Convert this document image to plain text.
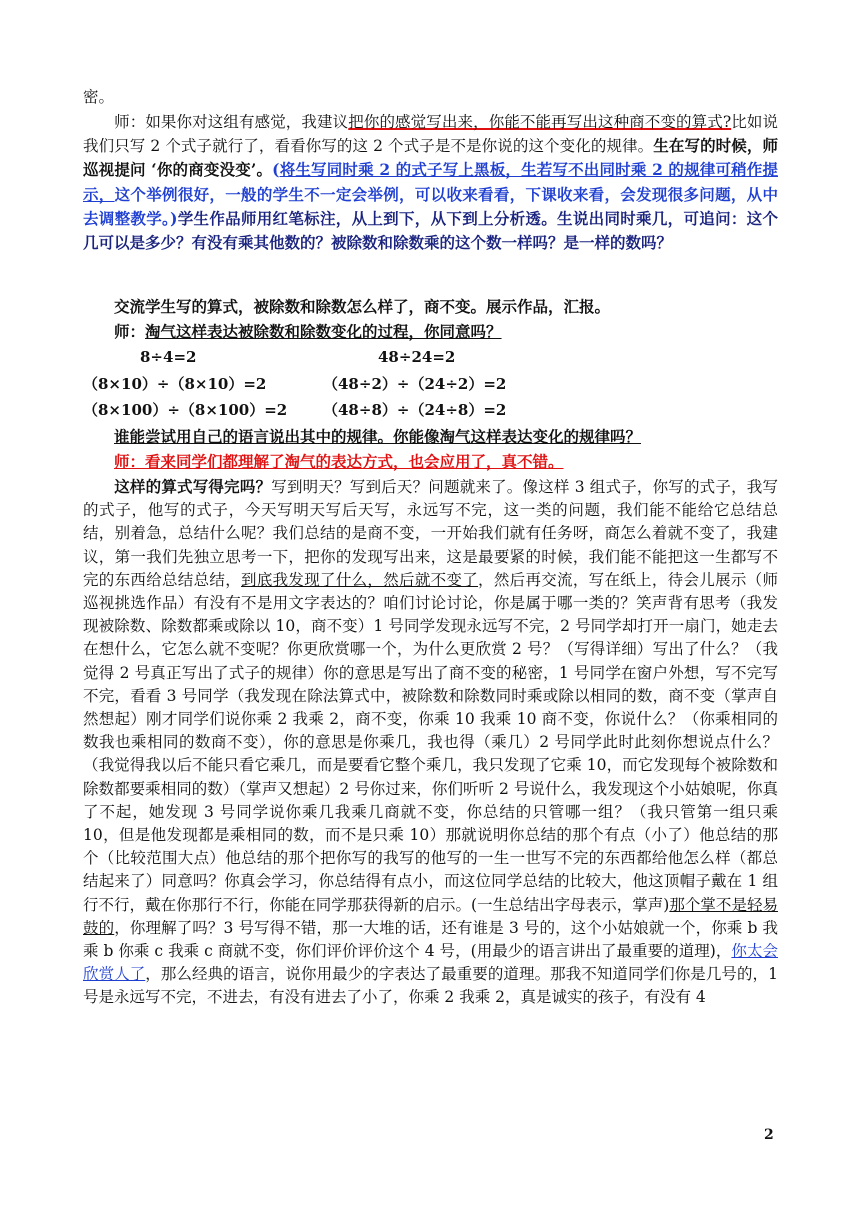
密。

师：如果你对这组有感觉，我建议把你的感觉写出来，你能不能再写出这种商不变的算式?比如说我们只写 2 个式子就行了，看看你写的这 2 个式子是不是你说的这个变化的规律。生在写的时候，师巡视提问 ‘你的商变没变’。(将生写同时乘 2 的式子写上黑板，生若写不出同时乘 2 的规律可稍作提示，这个举例很好，一般的学生不一定会举例，可以收来看看，下课收来看，会发现很多问题，从中去调整教学。)学生作品师用红笔标注，从上到下，从下到上分析透。生说出同时乘几，可追问：这个几可以是多少？有没有乘其他数的？被除数和除数乘的这个数一样吗？是一样的数吗？

交流学生写的算式，被除数和除数怎么样了，商不变。展示作品，汇报。
师：淘气这样表达被除数和除数变化的过程，你同意吗？
8÷4=2	48÷24=2
（8×10）÷（8×10）=2	（48÷2）÷（24÷2）=2
（8×100）÷（8×100）=2 （48÷8）÷（24÷8）=2
谁能尝试用自己的语言说出其中的规律。你能像淘气这样表达变化的规律吗？
师：看来同学们都理解了淘气的表达方式，也会应用了，真不错。

这样的算式写得完吗？写到明天？写到后天？问题就来了。像这样 3 组式子，你写的式子，我写的式子，他写的式子，今天写明天写后天写，永远写不完，这一类的问题，我们能不能给它总结总结，别着急，总结什么呢？我们总结的是商不变，一开始我们就有任务呀，商怎么着就不变了，我建议，第一我们先独立思考一下，把你的发现写出来，这是最要紧的时候，我们能不能把这一生都写不完的东西给总结总结，到底我发现了什么，然后就不变了，然后再交流，写在纸上，待会儿展示（师巡视挑选作品）有没有不是用文字表达的？咱们讨论讨论，你是属于哪一类的？笑声背有思考（我发现被除数、除数都乘或除以 10，商不变）1 号同学发现永远写不完，2 号同学却打开一扇门，她走去在想什么，它怎么就不变呢？你更欣赏哪一个，为什么更欣赏 2 号？（写得详细）写出了什么？（我觉得 2 号真正写出了式子的规律）你的意思是写出了商不变的秘密，1 号同学在窗户外想，写不完写不完，看看 3 号同学（我发现在除法算式中，被除数和除数同时乘或除以相同的数，商不变（掌声自然想起）刚才同学们说你乘 2 我乘 2，商不变，你乘 10 我乘 10 商不变，你说什么？（你乘相同的数我也乘相同的数商不变），你的意思是你乘几，我也得（乘几）2 号同学此时此刻你想说点什么？（我觉得我以后不能只看它乘几，而是要看它整个乘几，我只发现了它乘 10，而它发现每个被除数和除数都要乘相同的数）（掌声又想起）2 号你过来，你们听听 2 号说什么，我发现这个小姑娘呢，你真了不起，她发现 3 号同学说你乘几我乘几商就不变，你总结的只管哪一组？（我只管第一组只乘 10，但是他发现都是乘相同的数，而不是只乘 10）那就说明你总结的那个有点（小了）他总结的那个（比较范围大点）他总结的那个把你写的我写的他写的一生一世写不完的东西都给他怎么样（都总结起来了）同意吗？你真会学习，你总结得有点小，而这位同学总结的比较大，他这顶帽子戴在 1 组行不行，戴在你那行不行，你能在同学那获得新的启示。(一生总结出字母表示，掌声)那个掌不是轻易鼓的，你理解了吗？3 号写得不错，那一大堆的话，还有谁是 3 号的，这个小姑娘就一个，你乘 b 我乘 b 你乘 c 我乘 c 商就不变，你们评价评价这个 4 号，(用最少的语言讲出了最重要的道理)，你太会欣赏人了，那么经典的语言，说你用最少的字表达了最重要的道理。那我不知道同学们你是几号的，1 号是永远写不完，不进去，有没有进去了小了，你乘 2 我乘 2，真是诚实的孩子，有没有 4

2
